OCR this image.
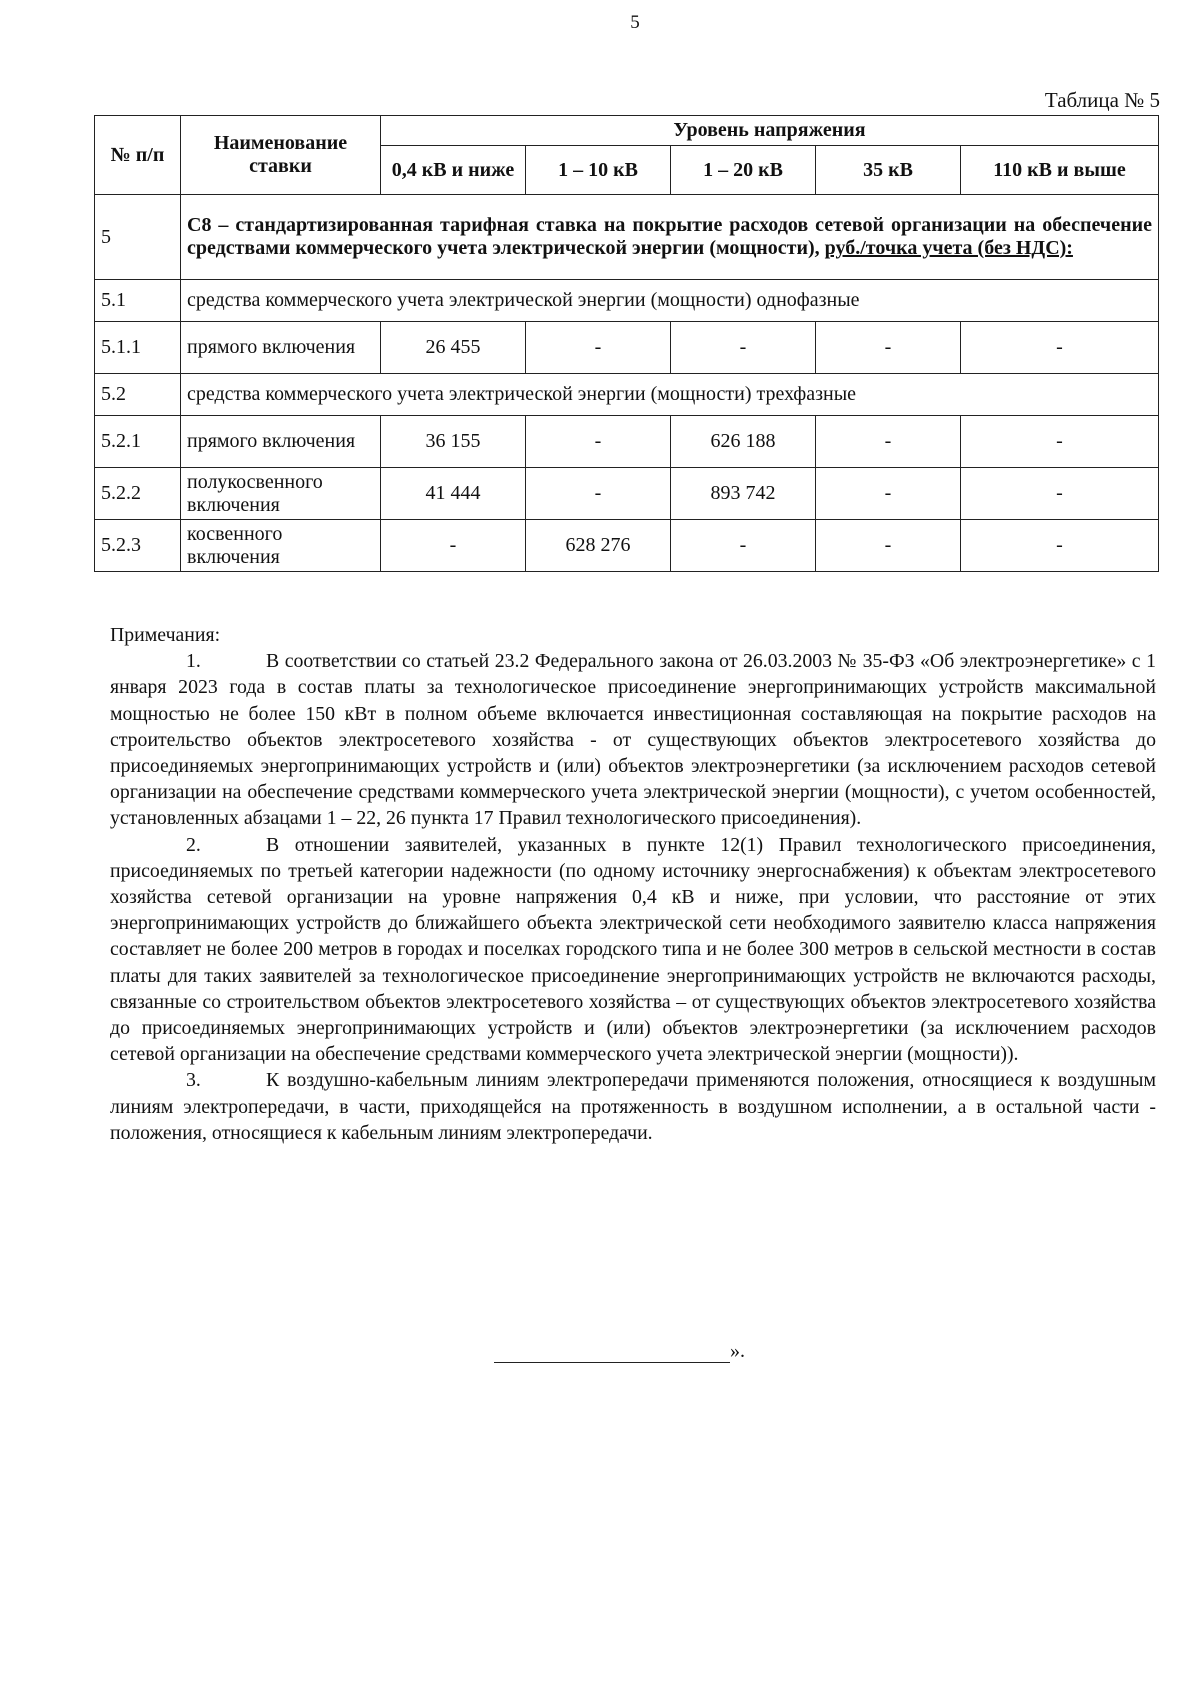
5
Таблица № 5
№ п/п	Наименование ставки	Уровень напряжения				
		0,4 кВ и ниже	1 – 10 кВ	1 – 20 кВ	35 кВ	110 кВ и выше
5	С8 – стандартизированная тарифная ставка на покрытие расходов сетевой организации на обеспечение средствами коммерческого учета электрической энергии (мощности), руб./точка учета (без НДС):					
5.1	средства коммерческого учета электрической энергии (мощности) однофазные					
5.1.1	прямого включения	26 455	-	-	-	-
5.2	средства коммерческого учета электрической энергии (мощности) трехфазные					
5.2.1	прямого включения	36 155	-	626 188	-	-
5.2.2	полукосвенного включения	41 444	-	893 742	-	-
5.2.3	косвенного включения	-	628 276	-	-	-

Примечания:

1.	В соответствии со статьей 23.2 Федерального закона от 26.03.2003 № 35-ФЗ «Об электроэнергетике» с 1 января 2023 года в состав платы за технологическое присоединение энергопринимающих устройств максимальной мощностью не более 150 кВт в полном объеме включается инвестиционная составляющая на покрытие расходов на строительство объектов электросетевого хозяйства - от существующих объектов электросетевого хозяйства до присоединяемых энергопринимающих устройств и (или) объектов электроэнергетики (за исключением расходов сетевой организации на обеспечение средствами коммерческого учета электрической энергии (мощности), с учетом особенностей, установленных абзацами 1 – 22, 26 пункта 17 Правил технологического присоединения).

2.	В отношении заявителей, указанных в пункте 12(1) Правил технологического присоединения, присоединяемых по третьей категории надежности (по одному источнику энергоснабжения) к объектам электросетевого хозяйства сетевой организации на уровне напряжения 0,4 кВ и ниже, при условии, что расстояние от этих энергопринимающих устройств до ближайшего объекта электрической сети необходимого заявителю класса напряжения составляет не более 200 метров в городах и поселках городского типа и не более 300 метров в сельской местности в состав платы для таких заявителей за технологическое присоединение энергопринимающих устройств не включаются расходы, связанные со строительством объектов электросетевого хозяйства – от существующих объектов электросетевого хозяйства до присоединяемых энергопринимающих устройств и (или) объектов электроэнергетики (за исключением расходов сетевой организации на обеспечение средствами коммерческого учета электрической энергии (мощности)).

3.	К воздушно-кабельным линиям электропередачи применяются положения, относящиеся к воздушным линиям электропередачи, в части, приходящейся на протяженность в воздушном исполнении, а в остальной части - положения, относящиеся к кабельным линиям электропередачи.

».
